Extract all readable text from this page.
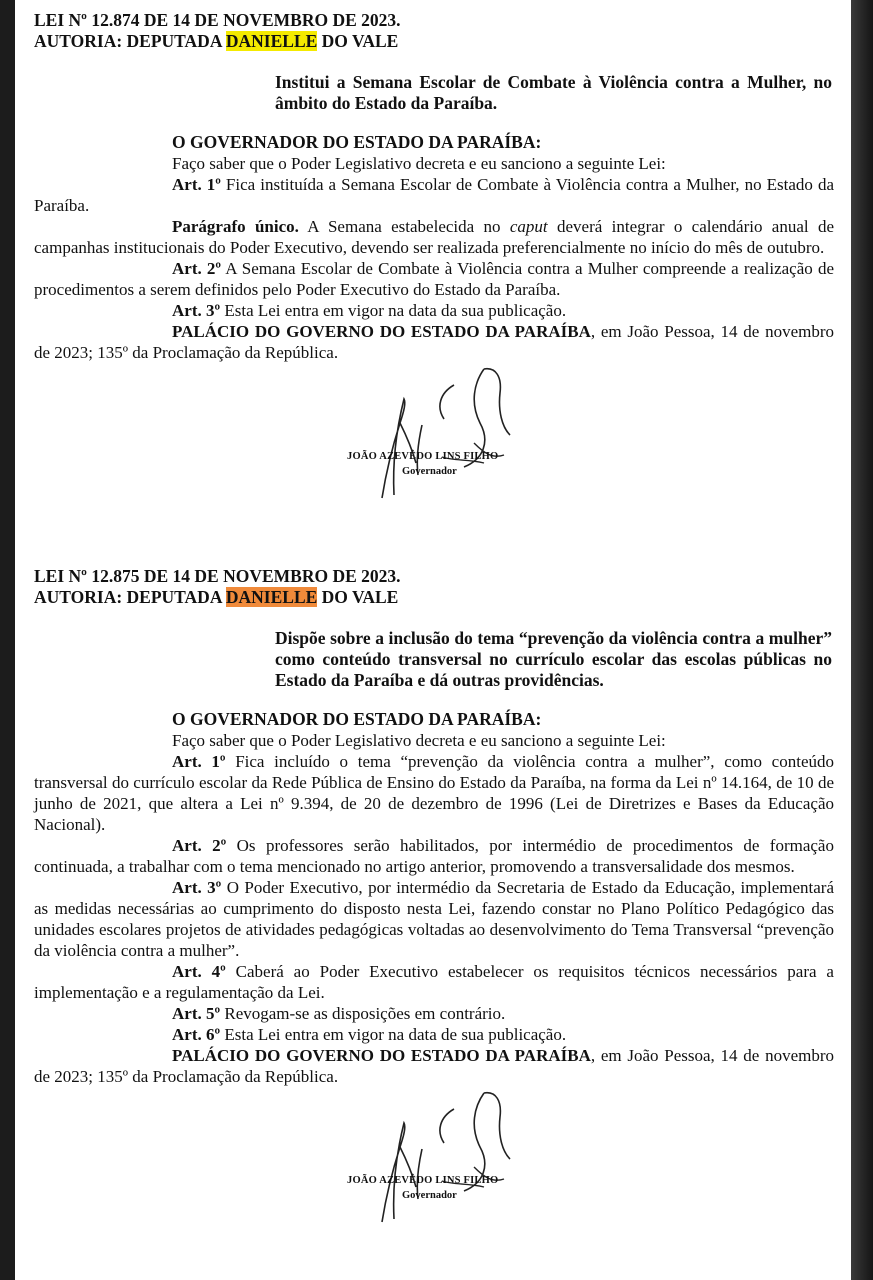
LEI Nº 12.874 DE 14 DE NOVEMBRO DE 2023.

AUTORIA: DEPUTADA DANIELLE DO VALE

Institui a Semana Escolar de Combate à Violência contra a Mulher, no âmbito do Estado da Paraíba.
O GOVERNADOR DO ESTADO DA PARAÍBA:

Faço saber que o Poder Legislativo decreta e eu sanciono a seguinte Lei:

Art. 1º Fica instituída a Semana Escolar de Combate à Violência contra a Mulher, no Estado da Paraíba.

Parágrafo único. A Semana estabelecida no caput deverá integrar o calendário anual de campanhas institucionais do Poder Executivo, devendo ser realizada preferencialmente no início do mês de outubro.

Art. 2º A Semana Escolar de Combate à Violência contra a Mulher compreende a realização de procedimentos a serem definidos pelo Poder Executivo do Estado da Paraíba.

Art. 3º Esta Lei entra em vigor na data da sua publicação.

PALÁCIO DO GOVERNO DO ESTADO DA PARAÍBA, em João Pessoa, 14 de novembro de 2023; 135º da Proclamação da República.

JOÃO AZEVÊDO LINS FILHO
Governador

LEI Nº 12.875 DE 14 DE NOVEMBRO DE 2023.

AUTORIA: DEPUTADA DANIELLE DO VALE

Dispõe sobre a inclusão do tema “prevenção da violência contra a mulher” como conteúdo transversal no currículo escolar das escolas públicas no Estado da Paraíba e dá outras providências.
O GOVERNADOR DO ESTADO DA PARAÍBA:

Faço saber que o Poder Legislativo decreta e eu sanciono a seguinte Lei:

Art. 1º Fica incluído o tema “prevenção da violência contra a mulher”, como conteúdo transversal do currículo escolar da Rede Pública de Ensino do Estado da Paraíba, na forma da Lei nº 14.164, de 10 de junho de 2021, que altera a Lei nº 9.394, de 20 de dezembro de 1996 (Lei de Diretrizes e Bases da Educação Nacional).

Art. 2º Os professores serão habilitados, por intermédio de procedimentos de formação continuada, a trabalhar com o tema mencionado no artigo anterior, promovendo a transversalidade dos mesmos.

Art. 3º O Poder Executivo, por intermédio da Secretaria de Estado da Educação, implementará as medidas necessárias ao cumprimento do disposto nesta Lei, fazendo constar no Plano Político Pedagógico das unidades escolares projetos de atividades pedagógicas voltadas ao desenvolvimento do Tema Transversal “prevenção da violência contra a mulher”.

Art. 4º Caberá ao Poder Executivo estabelecer os requisitos técnicos necessários para a implementação e a regulamentação da Lei.

Art. 5º Revogam-se as disposições em contrário.

Art. 6º Esta Lei entra em vigor na data de sua publicação.

PALÁCIO DO GOVERNO DO ESTADO DA PARAÍBA, em João Pessoa, 14 de novembro de 2023; 135º da Proclamação da República.

JOÃO AZEVÊDO LINS FILHO
Governador
